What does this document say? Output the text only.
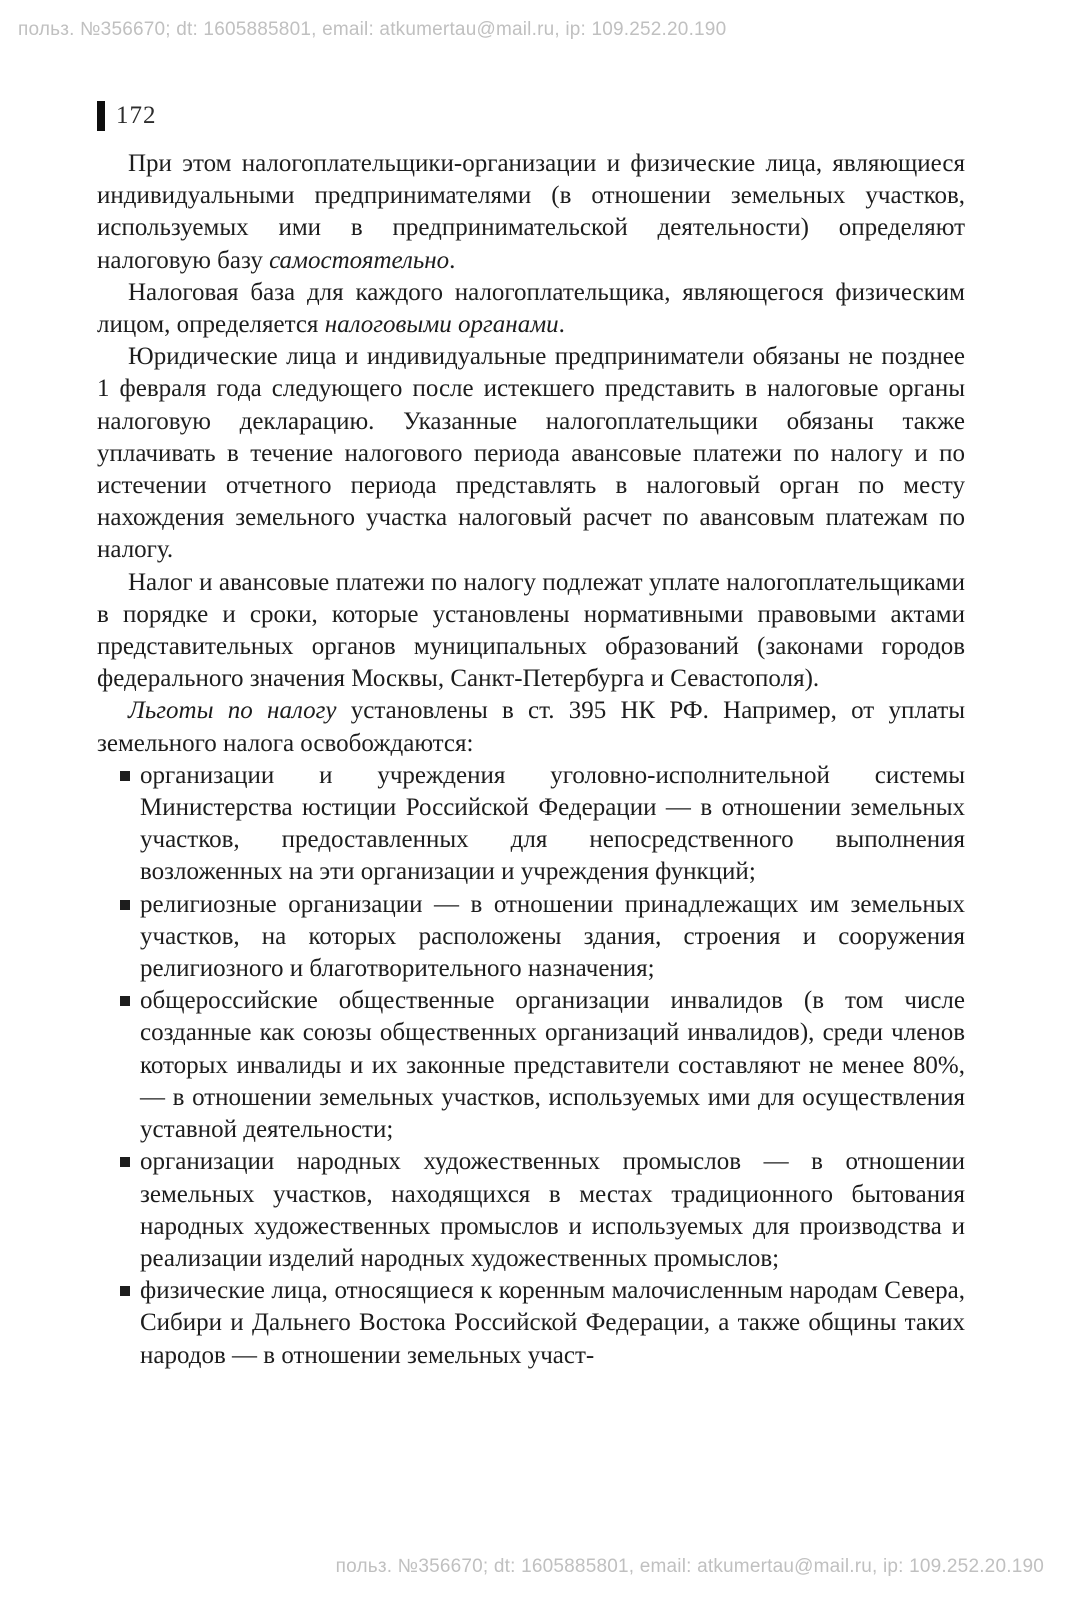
польз. №356670; dt: 1605885801, email: atkumertau@mail.ru, ip: 109.252.20.190
172

При этом налогоплательщики-организации и физические лица, являющиеся индивидуальными предпринимателями (в отношении земельных участков, используемых ими в предпринимательской деятельности) определяют налоговую базу самостоятельно.

Налоговая база для каждого налогоплательщика, являющегося физическим лицом, определяется налоговыми органами.

Юридические лица и индивидуальные предприниматели обязаны не позднее 1 февраля года следующего после истекшего представить в налоговые органы налоговую декларацию. Указанные налогоплательщики обязаны также уплачивать в течение налогового периода авансовые платежи по налогу и по истечении отчетного периода представлять в налоговый орган по месту нахождения земельного участка налоговый расчет по авансовым платежам по налогу.

Налог и авансовые платежи по налогу подлежат уплате налогоплательщиками в порядке и сроки, которые установлены нормативными правовыми актами представительных органов муниципальных образований (законами городов федерального значения Москвы, Санкт-Петербурга и Севастополя).

Льготы по налогу установлены в ст. 395 НК РФ. Например, от уплаты земельного налога освобождаются:

организации и учреждения уголовно-исполнительной системы Министерства юстиции Российской Федерации — в отношении земельных участков, предоставленных для непосредственного выполнения возложенных на эти организации и учреждения функций;
религиозные организации — в отношении принадлежащих им земельных участков, на которых расположены здания, строения и сооружения религиозного и благотворительного назначения;
общероссийские общественные организации инвалидов (в том числе созданные как союзы общественных организаций инвалидов), среди членов которых инвалиды и их законные представители составляют не менее 80%,— в отношении земельных участков, используемых ими для осуществления уставной деятельности;
организации народных художественных промыслов — в отношении земельных участков, находящихся в местах традиционного бытования народных художественных промыслов и используемых для производства и реализации изделий народных художественных промыслов;
физические лица, относящиеся к коренным малочисленным народам Севера, Сибири и Дальнего Востока Российской Федерации, а также общины таких народов — в отношении земельных участ-
польз. №356670; dt: 1605885801, email: atkumertau@mail.ru, ip: 109.252.20.190
